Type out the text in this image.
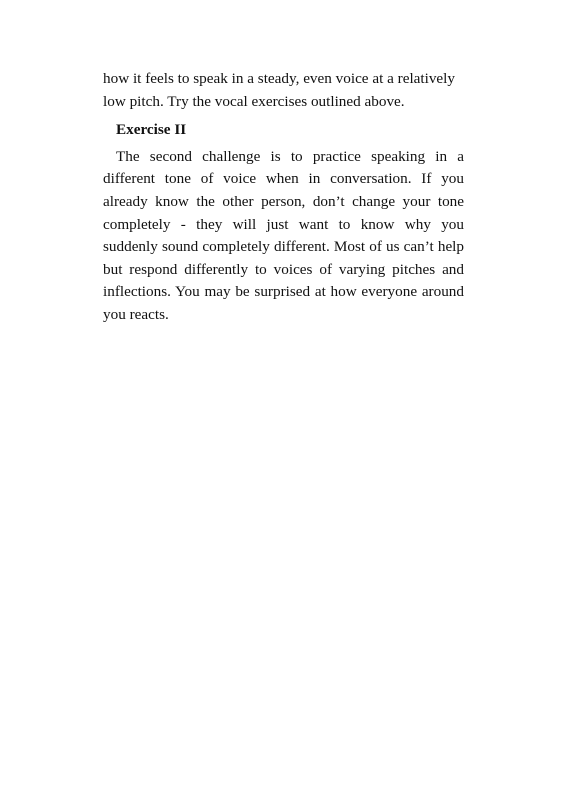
how it feels to speak in a steady, even voice at a relatively low pitch. Try the vocal exercises outlined above.

Exercise II

The second challenge is to practice speaking in a different tone of voice when in conversation. If you already know the other person, don’t change your tone completely - they will just want to know why you suddenly sound completely different. Most of us can’t help but respond differently to voices of varying pitches and inflections. You may be surprised at how everyone around you reacts.
